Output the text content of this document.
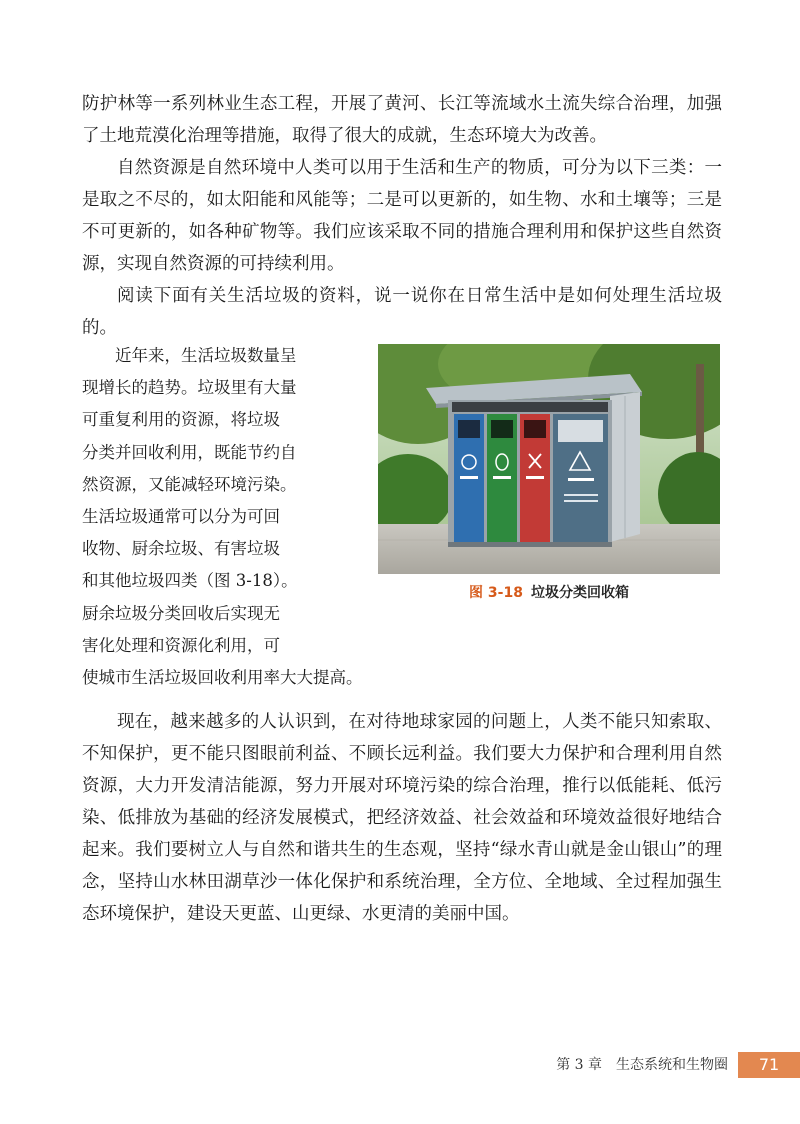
防护林等一系列林业生态工程，开展了黄河、长江等流域水土流失综合治理，加强了土地荒漠化治理等措施，取得了很大的成就，生态环境大为改善。

自然资源是自然环境中人类可以用于生活和生产的物质，可分为以下三类：一是取之不尽的，如太阳能和风能等；二是可以更新的，如生物、水和土壤等；三是不可更新的，如各种矿物等。我们应该采取不同的措施合理利用和保护这些自然资源，实现自然资源的可持续利用。

阅读下面有关生活垃圾的资料，说一说你在日常生活中是如何处理生活垃圾的。

近年来，生活垃圾数量呈
现增长的趋势。垃圾里有大量
可重复利用的资源，将垃圾
分类并回收利用，既能节约自
然资源，又能减轻环境污染。
生活垃圾通常可以分为可回
收物、厨余垃圾、有害垃圾
和其他垃圾四类（图 3-18）。
厨余垃圾分类回收后实现无
害化处理和资源化利用，可
使城市生活垃圾回收利用率大大提高。
图 3-18 垃圾分类回收箱

现在，越来越多的人认识到，在对待地球家园的问题上，人类不能只知索取、不知保护，更不能只图眼前利益、不顾长远利益。我们要大力保护和合理利用自然资源，大力开发清洁能源，努力开展对环境污染的综合治理，推行以低能耗、低污染、低排放为基础的经济发展模式，把经济效益、社会效益和环境效益很好地结合起来。我们要树立人与自然和谐共生的生态观，坚持“绿水青山就是金山银山”的理念，坚持山水林田湖草沙一体化保护和系统治理，全方位、全地域、全过程加强生态环境保护，建设天更蓝、山更绿、水更清的美丽中国。

第 3 章 生态系统和生物圈	71
